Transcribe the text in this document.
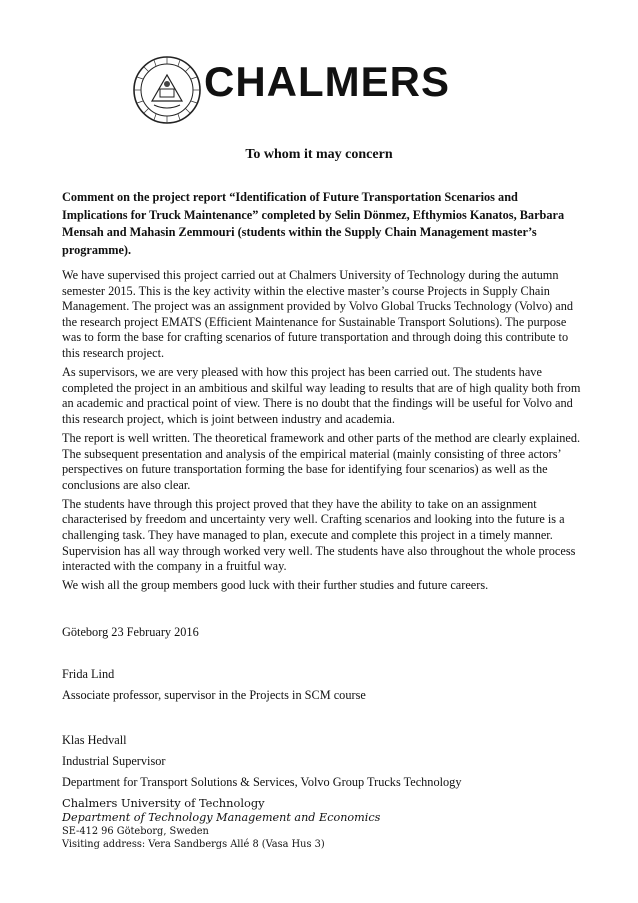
CHALMERS
To whom it may concern
Comment on the project report “Identification of Future Transportation Scenarios and Implications for Truck Maintenance” completed by Selin Dönmez, Efthymios Kanatos, Barbara Mensah and Mahasin Zemmouri (students within the Supply Chain Management master’s programme).

We have supervised this project carried out at Chalmers University of Technology during the autumn semester 2015. This is the key activity within the elective master’s course Projects in Supply Chain Management. The project was an assignment provided by Volvo Global Trucks Technology (Volvo) and the research project EMATS (Efficient Maintenance for Sustainable Transport Solutions). The purpose was to form the base for crafting scenarios of future transportation and through doing this contribute to this research project.

As supervisors, we are very pleased with how this project has been carried out. The students have completed the project in an ambitious and skilful way leading to results that are of high quality both from an academic and practical point of view. There is no doubt that the findings will be useful for Volvo and this research project, which is joint between industry and academia.

The report is well written. The theoretical framework and other parts of the method are clearly explained. The subsequent presentation and analysis of the empirical material (mainly consisting of three actors’ perspectives on future transportation forming the base for identifying four scenarios) as well as the conclusions are also clear.

The students have through this project proved that they have the ability to take on an assignment characterised by freedom and uncertainty very well. Crafting scenarios and looking into the future is a challenging task. They have managed to plan, execute and complete this project in a timely manner. Supervision has all way through worked very well. The students have also throughout the whole process interacted with the company in a fruitful way.

We wish all the group members good luck with their further studies and future careers.

Göteborg 23 February 2016
Frida Lind
Associate professor, supervisor in the Projects in SCM course
Klas Hedvall
Industrial Supervisor
Department for Transport Solutions & Services, Volvo Group Trucks Technology
Chalmers University of Technology
Department of Technology Management and Economics
SE-412 96 Göteborg, Sweden
Visiting address: Vera Sandbergs Allé 8 (Vasa Hus 3)
